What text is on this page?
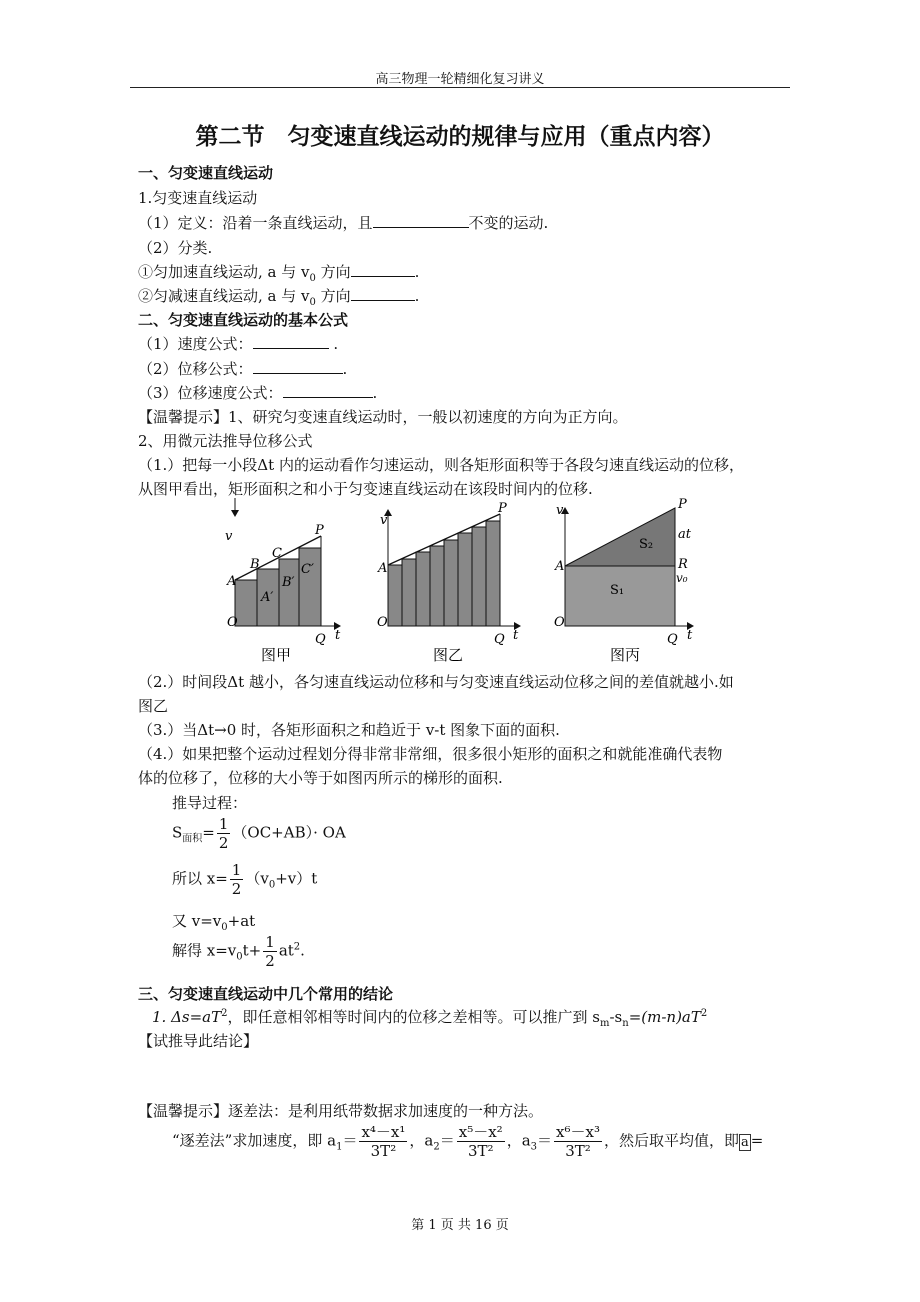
高三物理一轮精细化复习讲义
第二节　匀变速直线运动的规律与应用（重点内容）
一、匀变速直线运动
1.匀变速直线运动
（1）定义：沿着一条直线运动，且	不变的运动.
（2）分类.
①匀加速直线运动, a 与 $v_0$ 方向	.
②匀减速直线运动, a 与 $v_0$ 方向	.
二、匀变速直线运动的基本公式
（1）速度公式：	.
（2）位移公式：	.
（3）位移速度公式：	.
【温馨提示】1、研究匀变速直线运动时，一般以初速度的方向为正方向。
2、用微元法推导位移公式
（1.）把每一小段Δt 内的运动看作匀速运动，则各矩形面积等于各段匀速直线运动的位移，
从图甲看出，矩形面积之和小于匀变速直线运动在该段时间内的位移.
v
A
B
C
P
A′
B′
C′
O
Q t
图甲
v
A
P
O
Q t
图乙
v
A
P
at
R
v₀
S₂
S₁
O
Q t
图丙
（2.）时间段Δt 越小，各匀速直线运动位移和与匀变速直线运动位移之间的差值就越小.如
图乙
（3.）当Δt→0 时，各矩形面积之和趋近于 v-t 图象下面的面积.
（4.）如果把整个运动过程划分得非常非常细，很多很小矩形的面积之和就能准确代表物
体的位移了，位移的大小等于如图丙所示的梯形的面积.
推导过程：
$S_{面积}= \frac{1}{2} (OC+AB)\cdot$ OA
所以 $x= \frac{1}{2} (v_0+v)t$
又 $v=v_0+at$
解得 $x=v_0t+ \frac{1}{2} at^2$.
三、匀变速直线运动中几个常用的结论
1. $\Delta s=aT^2$，即任意相邻相等时间内的位移之差相等。可以推广到 $s_m-s_n=(m-n)aT^2$
【试推导此结论】
【温馨提示】逐差法：是利用纸带数据求加速度的一种方法。
“逐差法”求加速度，即 $a_1= \frac{\text{x⁴－x¹}}{\text{3T²}}$ ，$a_2= \frac{\text{x⁵－x²}}{\text{3T²}}$ ，$a_3= \frac{\text{x⁶－x³}}{\text{3T²}}$ ，然后取平均值，即 a =
第 1 页 共 16 页
